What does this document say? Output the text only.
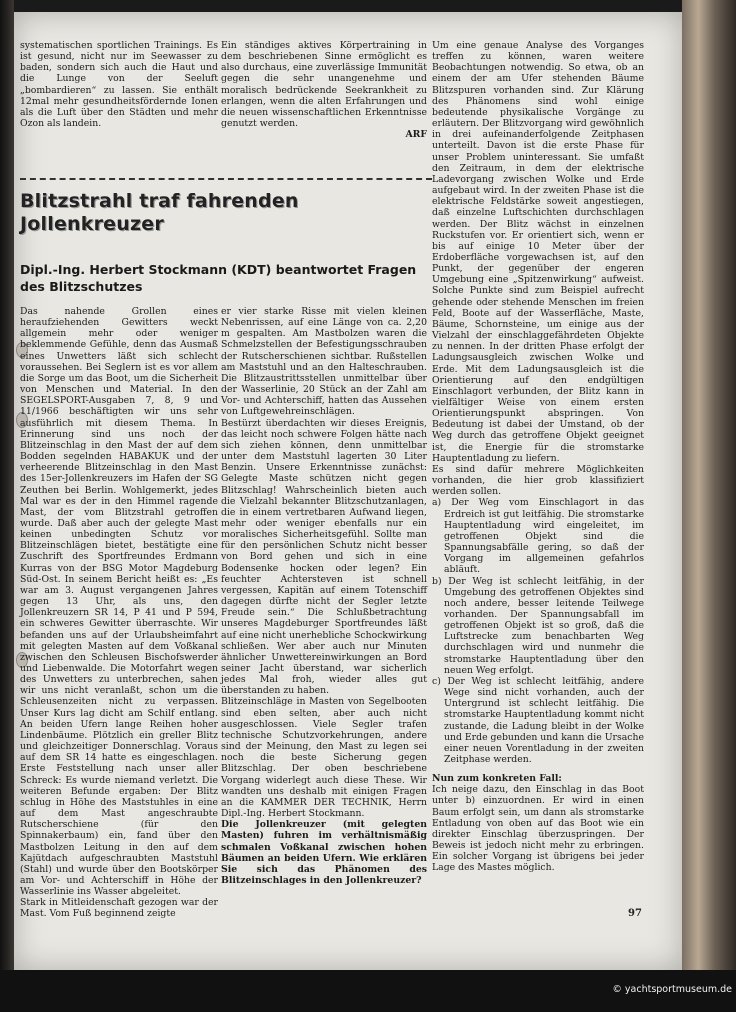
systematischen sportlichen Trainings. Es ist gesund, nicht nur im Seewasser zu baden, sondern sich auch die Haut und die Lunge von der Seeluft „bombardieren“ zu lassen. Sie enthält 12mal mehr gesundheitsfördernde Ionen als die Luft über den Städten und mehr Ozon als landein.

Ein ständiges aktives Körpertraining in dem beschriebenen Sinne ermöglicht es also durchaus, eine zuverlässige Immunität gegen die sehr unangenehme und moralisch bedrückende Seekrankheit zu erlangen, wenn die alten Erfahrungen und die neuen wissenschaftlichen Erkenntnisse genutzt werden.

ARF

Blitzstrahl traf fahrenden Jollenkreuzer
Dipl.-Ing. Herbert Stockmann (KDT) beantwortet Fragen des Blitzschutzes

Das nahende Grollen eines heraufziehenden Gewitters weckt allgemein mehr oder weniger beklemmende Gefühle, denn das Ausmaß eines Unwetters läßt sich schlecht voraussehen. Bei Seglern ist es vor allem die Sorge um das Boot, um die Sicherheit von Menschen und Material. In den SEGELSPORT-Ausgaben 7, 8, 9 und 11/1966 beschäftigten wir uns sehr ausführlich mit diesem Thema. In Erinnerung sind uns noch der Blitzeinschlag in den Mast der auf dem Bodden segelnden HABAKUK und der verheerende Blitzeinschlag in den Mast des 15er-Jollenkreuzers im Hafen der SG Zeuthen bei Berlin. Wohlgemerkt, jedes Mal war es der in den Himmel ragende Mast, der vom Blitzstrahl getroffen wurde. Daß aber auch der gelegte Mast keinen unbedingten Schutz vor Blitzeinschlägen bietet, bestätigte eine Zuschrift des Sportfreundes Erdmann Kurras von der BSG Motor Magdeburg Süd-Ost. In seinem Bericht heißt es: „Es war am 3. August vergangenen Jahres gegen 13 Uhr, als uns, den Jollenkreuzern SR 14, P 41 und P 594, ein schweres Gewitter überraschte. Wir befanden uns auf der Urlaubsheimfahrt mit gelegten Masten auf dem Voßkanal zwischen den Schleusen Bischofswerder und Liebenwalde. Die Motorfahrt wegen des Unwetters zu unterbrechen, sahen wir uns nicht veranlaßt, schon um die Schleusenzeiten nicht zu verpassen. Unser Kurs lag dicht am Schilf entlang. An beiden Ufern lange Reihen hoher Lindenbäume. Plötzlich ein greller Blitz und gleichzeitiger Donnerschlag. Voraus auf dem SR 14 hatte es eingeschlagen. Erste Feststellung nach unser aller Schreck: Es wurde niemand verletzt. Die weiteren Befunde ergaben: Der Blitz schlug in Höhe des Maststuhles in eine auf dem Mast angeschraubte Rutscherschiene (für den Spinnakerbaum) ein, fand über den Mastbolzen Leitung in den auf dem Kajütdach aufgeschraubten Maststuhl (Stahl) und wurde über den Bootskörper am Vor- und Achterschiff in Höhe der Wasserlinie ins Wasser abgeleitet.

Stark in Mitleidenschaft gezogen war der Mast. Vom Fuß beginnend zeigte

er vier starke Risse mit vielen kleinen Nebenrissen, auf eine Länge von ca. 2,20 m gespalten. Am Mastbolzen waren die Schmelzstellen der Befestigungsschrauben der Rutscherschienen sichtbar. Rußstellen am Maststuhl und an den Halteschrauben. Die Blitzaustrittsstellen unmittelbar über der Wasserlinie, 20 Stück an der Zahl am Vor- und Achterschiff, hatten das Aussehen von Luftgewehreinschlägen.

Bestürzt überdachten wir dieses Ereignis, das leicht noch schwere Folgen hätte nach sich ziehen können, denn unmittelbar unter dem Maststuhl lagerten 30 Liter Benzin. Unsere Erkenntnisse zunächst: Gelegte Maste schützen nicht gegen Blitzschlag! Wahrscheinlich bieten auch die Vielzahl bekannter Blitzschutzanlagen, die in einem vertretbaren Aufwand liegen, mehr oder weniger ebenfalls nur ein moralisches Sicherheitsgefühl. Sollte man für den persönlichen Schutz nicht besser von Bord gehen und sich in eine Bodensenke hocken oder legen? Ein feuchter Achtersteven ist schnell vergessen, Kapitän auf einem Totenschiff dagegen dürfte nicht der Segler letzte Freude sein.“ Die Schlußbetrachtung unseres Magdeburger Sportfreundes läßt auf eine nicht unerhebliche Schockwirkung schließen. Wer aber auch nur Minuten ähnlicher Unwettereinwirkungen an Bord seiner Jacht überstand, war sicherlich jedes Mal froh, wieder alles gut überstanden zu haben.

Blitzeinschläge in Masten von Segelbooten sind eben selten, aber auch nicht ausgeschlossen. Viele Segler trafen technische Schutzvorkehrungen, andere sind der Meinung, den Mast zu legen sei noch die beste Sicherung gegen Blitzschlag. Der oben beschriebene Vorgang widerlegt auch diese These. Wir wandten uns deshalb mit einigen Fragen an die KAMMER DER TECHNIK, Herrn Dipl.-Ing. Herbert Stockmann.

Die Jollenkreuzer (mit gelegten Masten) fuhren im verhältnismäßig schmalen Voßkanal zwischen hohen Bäumen an beiden Ufern. Wie erklären Sie sich das Phänomen des Blitzeinschlages in den Jollenkreuzer?

Um eine genaue Analyse des Vorganges treffen zu können, waren weitere Beobachtungen notwendig. So etwa, ob an einem der am Ufer stehenden Bäume Blitzspuren vorhanden sind. Zur Klärung des Phänomens sind wohl einige bedeutende physikalische Vorgänge zu erläutern. Der Blitzvorgang wird gewöhnlich in drei aufeinanderfolgende Zeitphasen unterteilt. Davon ist die erste Phase für unser Problem uninteressant. Sie umfaßt den Zeitraum, in dem der elektrische Ladevorgang zwischen Wolke und Erde aufgebaut wird. In der zweiten Phase ist die elektrische Feldstärke soweit angestiegen, daß einzelne Luftschichten durchschlagen werden. Der Blitz wächst in einzelnen Ruckstufen vor. Er orientiert sich, wenn er bis auf einige 10 Meter über der Erdoberfläche vorgewachsen ist, auf den Punkt, der gegenüber der engeren Umgebung eine „Spitzenwirkung“ aufweist. Solche Punkte sind zum Beispiel aufrecht gehende oder stehende Menschen im freien Feld, Boote auf der Wasserfläche, Maste, Bäume, Schornsteine, um einige aus der Vielzahl der einschlaggefährdeten Objekte zu nennen. In der dritten Phase erfolgt der Ladungsausgleich zwischen Wolke und Erde. Mit dem Ladungsausgleich ist die Orientierung auf den endgültigen Einschlagort verbunden, der Blitz kann in vielfältiger Weise von einem ersten Orientierungspunkt abspringen. Von Bedeutung ist dabei der Umstand, ob der Weg durch das getroffene Objekt geeignet ist, die Energie für die stromstarke Hauptentladung zu liefern.

Es sind dafür mehrere Möglichkeiten vorhanden, die hier grob klassifiziert werden sollen.

a) Der Weg vom Einschlagort in das Erdreich ist gut leitfähig. Die stromstarke Hauptentladung wird eingeleitet, im getroffenen Objekt sind die Spannungsabfälle gering, so daß der Vorgang im allgemeinen gefahrlos abläuft.

b) Der Weg ist schlecht leitfähig, in der Umgebung des getroffenen Objektes sind noch andere, besser leitende Teilwege vorhanden. Der Spannungsabfall im getroffenen Objekt ist so groß, daß die Luftstrecke zum benachbarten Weg durchschlagen wird und nunmehr die stromstarke Hauptentladung über den neuen Weg erfolgt.

c) Der Weg ist schlecht leitfähig, andere Wege sind nicht vorhanden, auch der Untergrund ist schlecht leitfähig. Die stromstarke Hauptentladung kommt nicht zustande, die Ladung bleibt in der Wolke und Erde gebunden und kann die Ursache einer neuen Vorentladung in der zweiten Zeitphase werden.

Nun zum konkreten Fall:

Ich neige dazu, den Einschlag in das Boot unter b) einzuordnen. Er wird in einen Baum erfolgt sein, um dann als stromstarke Entladung von oben auf das Boot wie ein direkter Einschlag überzuspringen. Der Beweis ist jedoch nicht mehr zu erbringen. Ein solcher Vorgang ist übrigens bei jeder Lage des Mastes möglich.

97
© yachtsportmuseum.de
